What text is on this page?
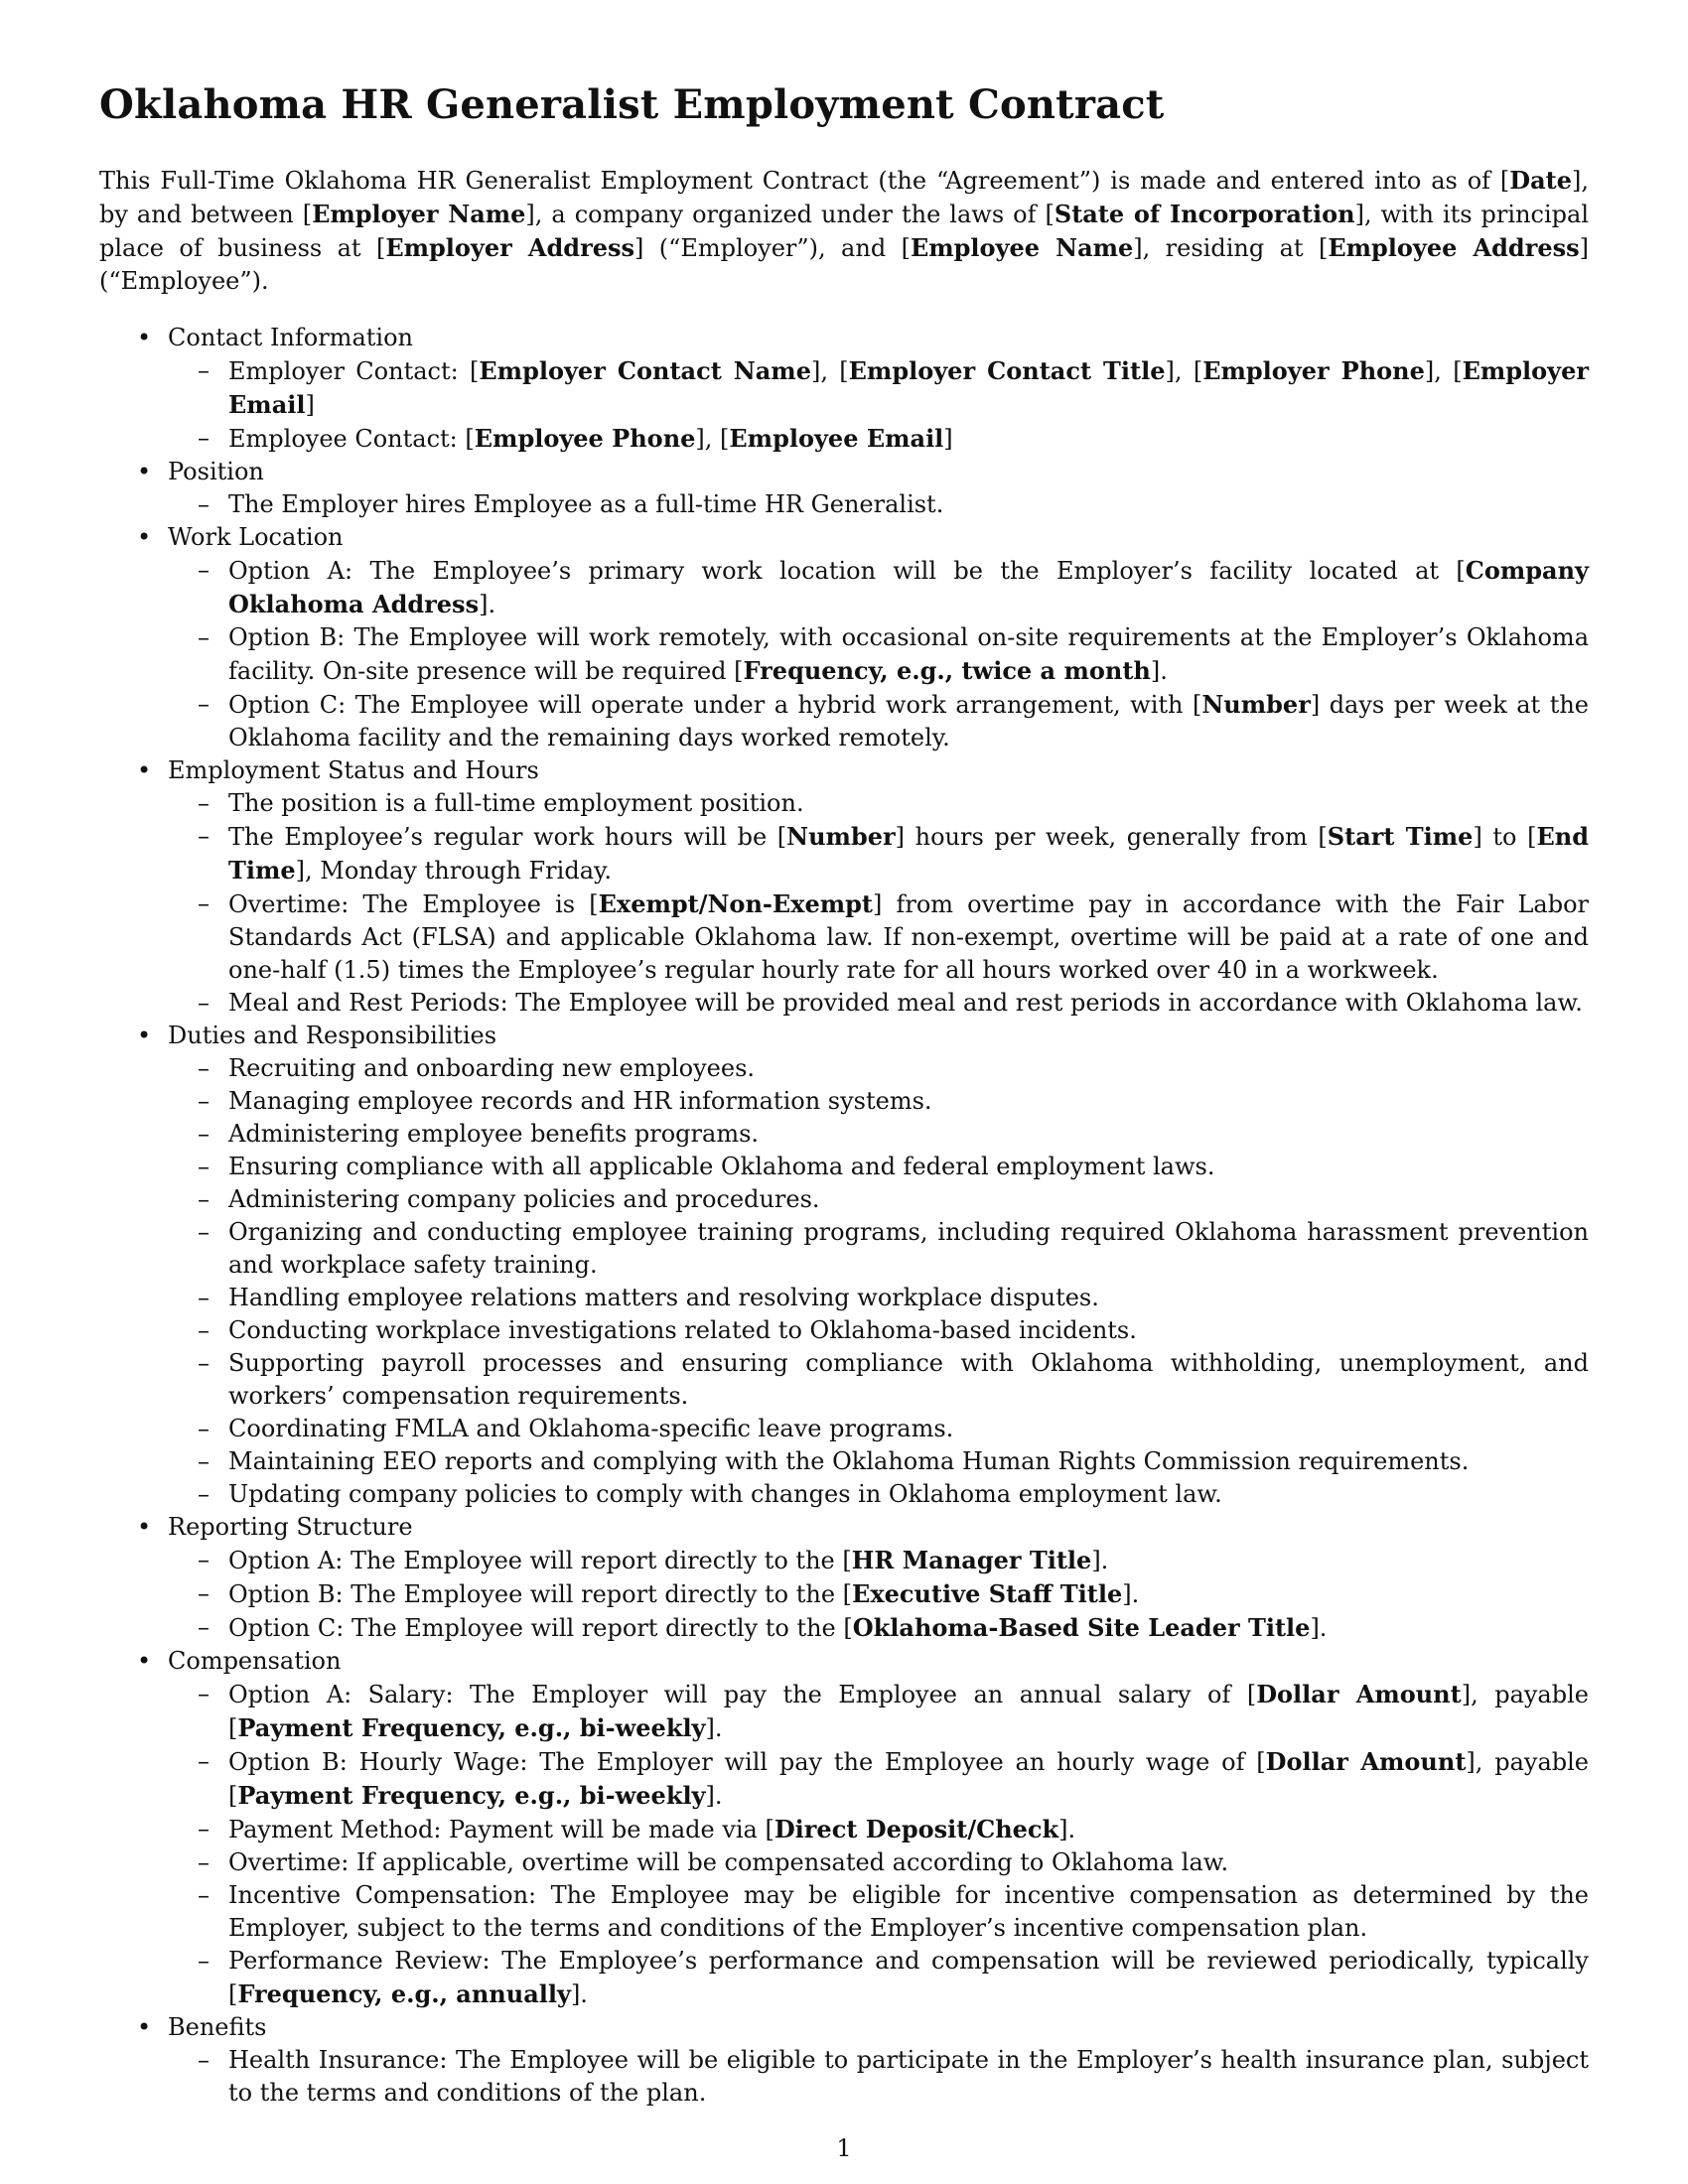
Oklahoma HR Generalist Employment Contract

This Full-Time Oklahoma HR Generalist Employment Contract (the “Agreement”) is made and entered into as of [Date], by and between [Employer Name], a company organized under the laws of [State of Incorporation], with its principal place of business at [Employer Address] (“Employer”), and [Employee Name], residing at [Employee Address] (“Employee”).

• Contact Information
– Employer Contact: [Employer Contact Name], [Employer Contact Title], [Employer Phone], [Employer Email]
– Employee Contact: [Employee Phone], [Employee Email]
• Position
– The Employer hires Employee as a full-time HR Generalist.
• Work Location
– Option A: The Employee’s primary work location will be the Employer’s facility located at [Company Oklahoma Address].
– Option B: The Employee will work remotely, with occasional on-site requirements at the Employer’s Oklahoma facility. On-site presence will be required [Frequency, e.g., twice a month].
– Option C: The Employee will operate under a hybrid work arrangement, with [Number] days per week at the Oklahoma facility and the remaining days worked remotely.
• Employment Status and Hours
– The position is a full-time employment position.
– The Employee’s regular work hours will be [Number] hours per week, generally from [Start Time] to [End Time], Monday through Friday.
– Overtime: The Employee is [Exempt/Non-Exempt] from overtime pay in accordance with the Fair Labor Standards Act (FLSA) and applicable Oklahoma law. If non-exempt, overtime will be paid at a rate of one and one-half (1.5) times the Employee’s regular hourly rate for all hours worked over 40 in a workweek.
– Meal and Rest Periods: The Employee will be provided meal and rest periods in accordance with Oklahoma law.
• Duties and Responsibilities
– Recruiting and onboarding new employees.
– Managing employee records and HR information systems.
– Administering employee benefits programs.
– Ensuring compliance with all applicable Oklahoma and federal employment laws.
– Administering company policies and procedures.
– Organizing and conducting employee training programs, including required Oklahoma harassment prevention and workplace safety training.
– Handling employee relations matters and resolving workplace disputes.
– Conducting workplace investigations related to Oklahoma-based incidents.
– Supporting payroll processes and ensuring compliance with Oklahoma withholding, unemployment, and workers’ compensation requirements.
– Coordinating FMLA and Oklahoma-specific leave programs.
– Maintaining EEO reports and complying with the Oklahoma Human Rights Commission requirements.
– Updating company policies to comply with changes in Oklahoma employment law.
• Reporting Structure
– Option A: The Employee will report directly to the [HR Manager Title].
– Option B: The Employee will report directly to the [Executive Staff Title].
– Option C: The Employee will report directly to the [Oklahoma-Based Site Leader Title].
• Compensation
– Option A: Salary: The Employer will pay the Employee an annual salary of [Dollar Amount], payable [Payment Frequency, e.g., bi-weekly].
– Option B: Hourly Wage: The Employer will pay the Employee an hourly wage of [Dollar Amount], payable [Payment Frequency, e.g., bi-weekly].
– Payment Method: Payment will be made via [Direct Deposit/Check].
– Overtime: If applicable, overtime will be compensated according to Oklahoma law.
– Incentive Compensation: The Employee may be eligible for incentive compensation as determined by the Employer, subject to the terms and conditions of the Employer’s incentive compensation plan.
– Performance Review: The Employee’s performance and compensation will be reviewed periodically, typically [Frequency, e.g., annually].
• Benefits
– Health Insurance: The Employee will be eligible to participate in the Employer’s health insurance plan, subject to the terms and conditions of the plan.
1
